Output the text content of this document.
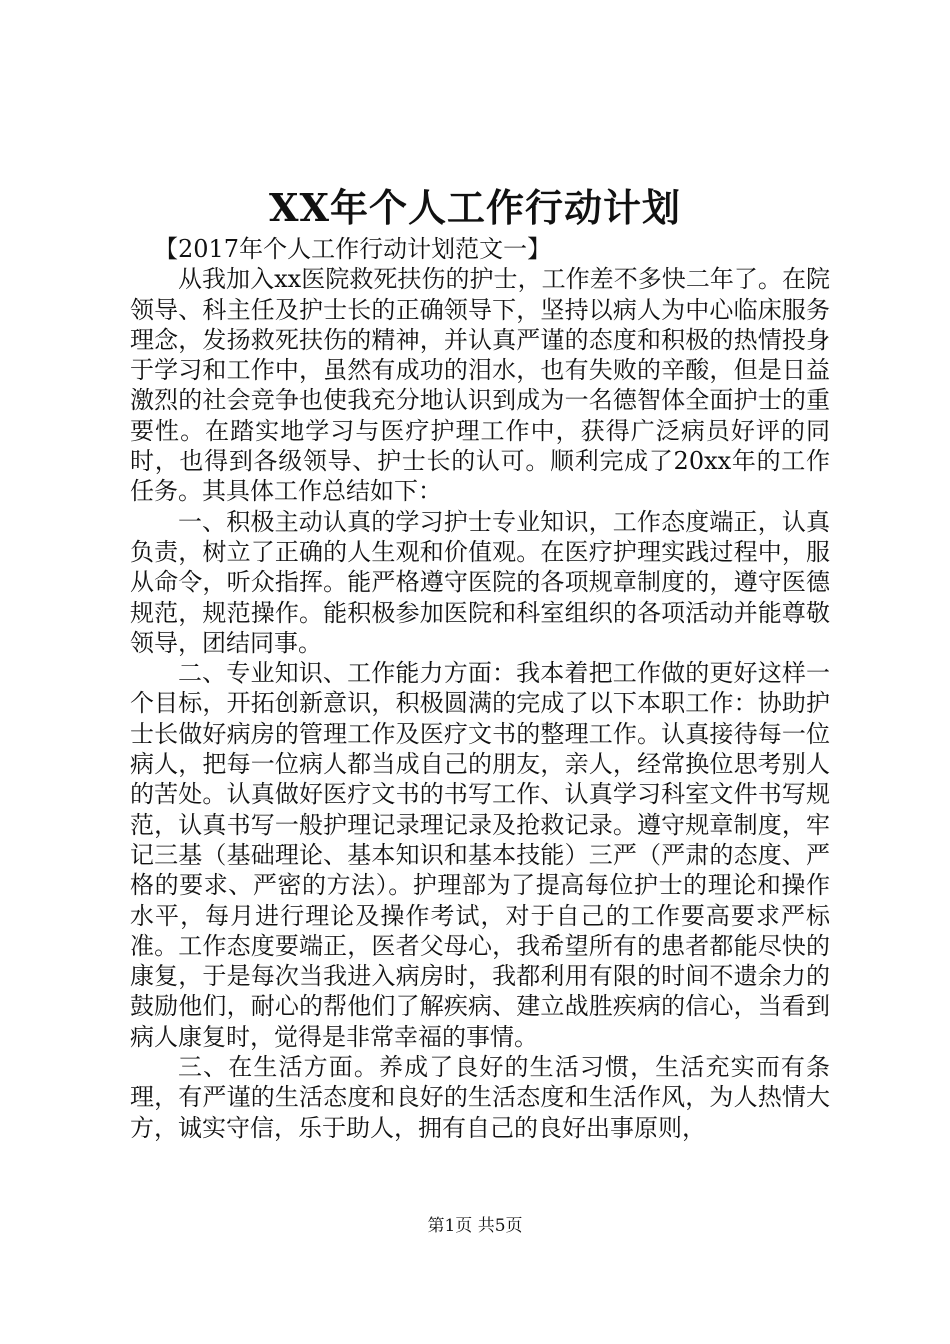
XX年个人工作行动计划

【2017年个人工作行动计划范文一】

从我加入xx医院救死扶伤的护士，工作差不多快二年了。在院领导、科主任及护士长的正确领导下，坚持以病人为中心临床服务理念，发扬救死扶伤的精神，并认真严谨的态度和积极的热情投身于学习和工作中，虽然有成功的泪水，也有失败的辛酸，但是日益激烈的社会竞争也使我充分地认识到成为一名德智体全面护士的重要性。在踏实地学习与医疗护理工作中，获得广泛病员好评的同时，也得到各级领导、护士长的认可。顺利完成了20xx年的工作任务。其具体工作总结如下：

一、积极主动认真的学习护士专业知识，工作态度端正，认真负责，树立了正确的人生观和价值观。在医疗护理实践过程中，服从命令，听众指挥。能严格遵守医院的各项规章制度的，遵守医德规范，规范操作。能积极参加医院和科室组织的各项活动并能尊敬领导，团结同事。

二、专业知识、工作能力方面：我本着把工作做的更好这样一个目标，开拓创新意识，积极圆满的完成了以下本职工作：协助护士长做好病房的管理工作及医疗文书的整理工作。认真接待每一位病人，把每一位病人都当成自己的朋友，亲人，经常换位思考别人的苦处。认真做好医疗文书的书写工作、认真学习科室文件书写规范，认真书写一般护理记录理记录及抢救记录。遵守规章制度，牢记三基（基础理论、基本知识和基本技能）三严（严肃的态度、严格的要求、严密的方法）。护理部为了提高每位护士的理论和操作水平，每月进行理论及操作考试，对于自己的工作要高要求严标准。工作态度要端正，医者父母心，我希望所有的患者都能尽快的康复，于是每次当我进入病房时，我都利用有限的时间不遗余力的鼓励他们，耐心的帮他们了解疾病、建立战胜疾病的信心，当看到病人康复时，觉得是非常幸福的事情。

三、在生活方面。养成了良好的生活习惯，生活充实而有条理，有严谨的生活态度和良好的生活态度和生活作风，为人热情大方，诚实守信，乐于助人，拥有自己的良好出事原则，

第1页 共5页
